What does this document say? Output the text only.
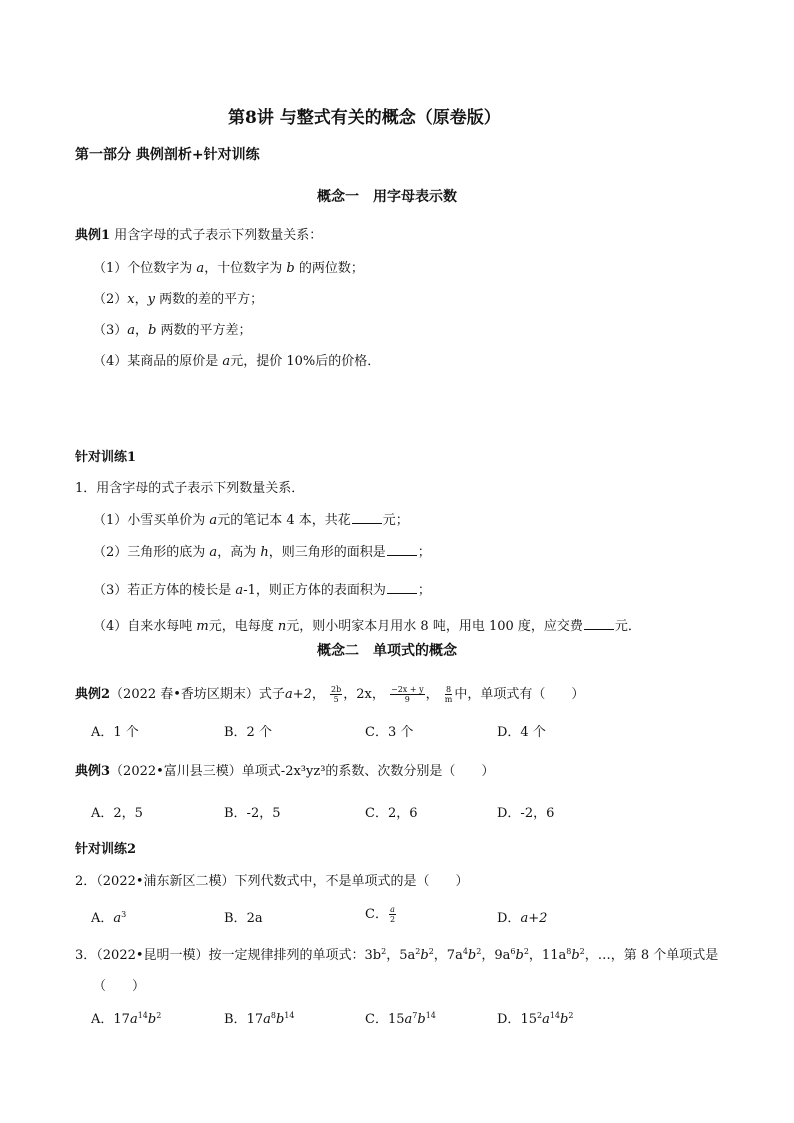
第8讲 与整式有关的概念（原卷版）
第一部分 典例剖析+针对训练
概念一　用字母表示数
典例1 用含字母的式子表示下列数量关系：
（1）个位数字为 a，十位数字为 b 的两位数；
（2）x，y 两数的差的平方；
（3）a，b 两数的平方差；
（4）某商品的原价是 a元，提价 10%后的价格．
针对训练1
1．用含字母的式子表示下列数量关系．
（1）小雪买单价为 a元的笔记本 4 本，共花 元；
（2）三角形的底为 a，高为 h，则三角形的面积是 ；
（3）若正方体的棱长是 a-1，则正方体的表面积为 ；
（4）自来水每吨 m元，电每度 n元，则小明家本月用水 8 吨，用电 100 度，应交费 元．
概念二　单项式的概念
典例2（2022 春•香坊区期末）式子a+2， $\frac{2b}{5}$ ，2x， $\frac{-2x + y}{9}$ ， $\frac{8}{m}$ 中，单项式有（　　）
A．1 个	B．2 个	C．3 个	D．4 个
典例3（2022•富川县三模）单项式-2x³yz³的系数、次数分别是（　　）
A．2，5	B．-2，5	C．2，6	D．-2，6
针对训练2
2．（2022•浦东新区二模）下列代数式中，不是单项式的是（　　）
A．$a^3$	B．2a	C． $\frac{a}{2}$	D．a+2
3．（2022•昆明一模）按一定规律排列的单项式：$3b^2$，$5a^2b^2$，$7a^4b^2$，$9a^6b^2$，$11a^8b^2$，…，第 8 个单项式是
（　　）
A．$17a^{14}b^2$	B．$17a^8b^{14}$	C．$15a^7b^{14}$	D．$15^2a^{14}b^2$
